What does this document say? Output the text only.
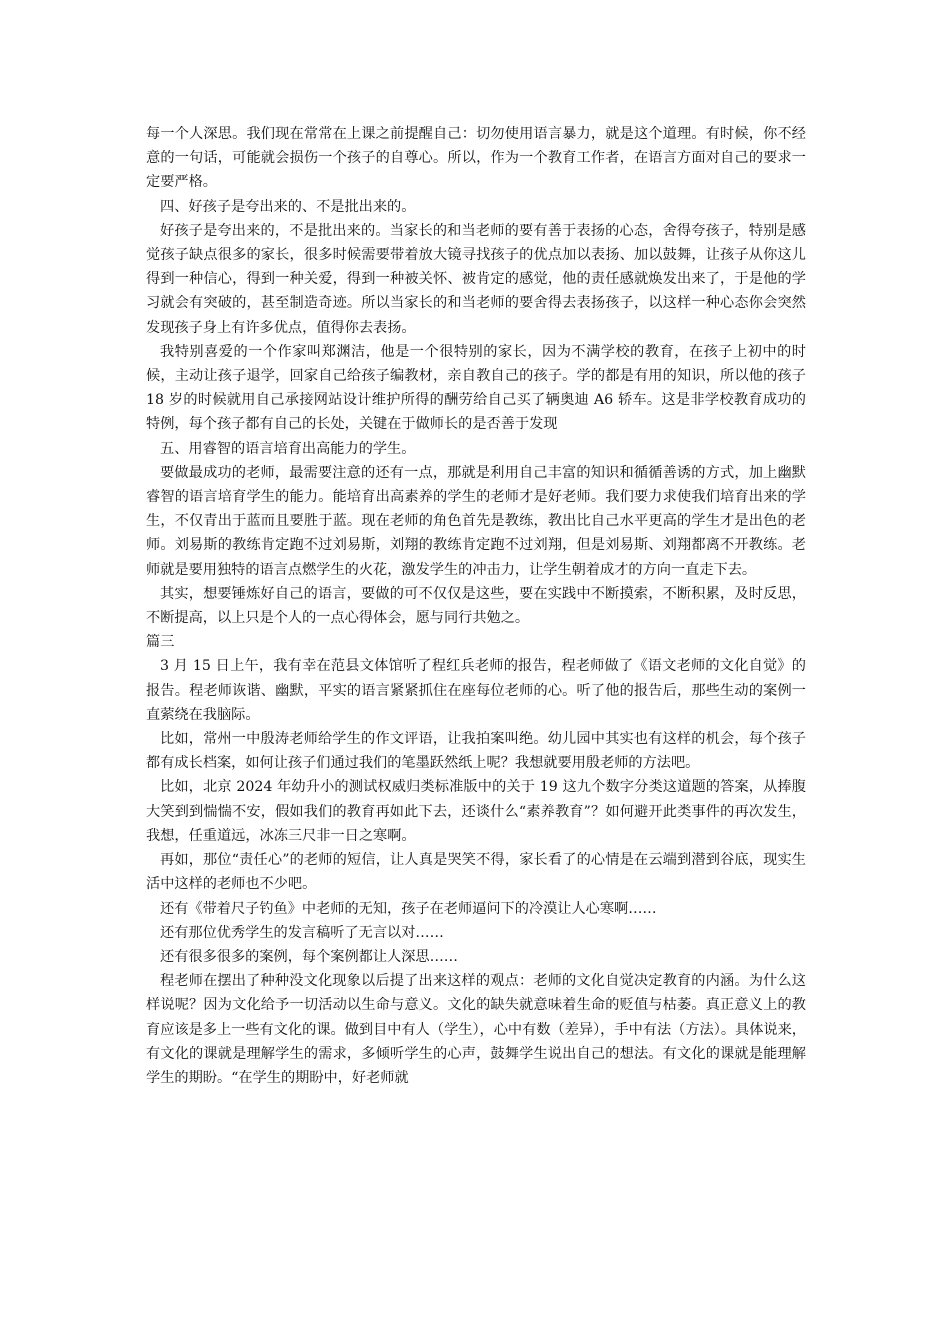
每一个人深思。我们现在常常在上课之前提醒自己：切勿使用语言暴力，就是这个道理。有时候，你不经意的一句话，可能就会损伤一个孩子的自尊心。所以，作为一个教育工作者，在语言方面对自己的要求一定要严格。

四、好孩子是夸出来的、不是批出来的。

好孩子是夸出来的，不是批出来的。当家长的和当老师的要有善于表扬的心态，舍得夸孩子，特别是感觉孩子缺点很多的家长，很多时候需要带着放大镜寻找孩子的优点加以表扬、加以鼓舞，让孩子从你这儿得到一种信心，得到一种关爱，得到一种被关怀、被肯定的感觉，他的责任感就焕发出来了，于是他的学习就会有突破的，甚至制造奇迹。所以当家长的和当老师的要舍得去表扬孩子，以这样一种心态你会突然发现孩子身上有许多优点，值得你去表扬。

我特别喜爱的一个作家叫郑渊洁，他是一个很特别的家长，因为不满学校的教育，在孩子上初中的时候，主动让孩子退学，回家自己给孩子编教材，亲自教自己的孩子。学的都是有用的知识，所以他的孩子 18 岁的时候就用自己承接网站设计维护所得的酬劳给自己买了辆奥迪 A6 轿车。这是非学校教育成功的特例，每个孩子都有自己的长处，关键在于做师长的是否善于发现

五、用睿智的语言培育出高能力的学生。

要做最成功的老师，最需要注意的还有一点，那就是利用自己丰富的知识和循循善诱的方式，加上幽默睿智的语言培育学生的能力。能培育出高素养的学生的老师才是好老师。我们要力求使我们培育出来的学生，不仅青出于蓝而且要胜于蓝。现在老师的角色首先是教练，教出比自己水平更高的学生才是出色的老师。刘易斯的教练肯定跑不过刘易斯，刘翔的教练肯定跑不过刘翔，但是刘易斯、刘翔都离不开教练。老师就是要用独特的语言点燃学生的火花，激发学生的冲击力，让学生朝着成才的方向一直走下去。

其实，想要锤炼好自己的语言，要做的可不仅仅是这些，要在实践中不断摸索，不断积累，及时反思，不断提高，以上只是个人的一点心得体会，愿与同行共勉之。

篇三

3 月 15 日上午，我有幸在范县文体馆听了程红兵老师的报告，程老师做了《语文老师的文化自觉》的报告。程老师诙谐、幽默，平实的语言紧紧抓住在座每位老师的心。听了他的报告后，那些生动的案例一直萦绕在我脑际。

比如，常州一中殷涛老师给学生的作文评语，让我拍案叫绝。幼儿园中其实也有这样的机会，每个孩子都有成长档案，如何让孩子们通过我们的笔墨跃然纸上呢？我想就要用殷老师的方法吧。

比如，北京 2024 年幼升小的测试权威归类标准版中的关于 19 这九个数字分类这道题的答案，从捧腹大笑到到惴惴不安，假如我们的教育再如此下去，还谈什么“素养教育”？如何避开此类事件的再次发生，我想，任重道远，冰冻三尺非一日之寒啊。

再如，那位“责任心”的老师的短信，让人真是哭笑不得，家长看了的心情是在云端到潜到谷底，现实生活中这样的老师也不少吧。

还有《带着尺子钓鱼》中老师的无知，孩子在老师逼问下的冷漠让人心寒啊……

还有那位优秀学生的发言稿听了无言以对……

还有很多很多的案例，每个案例都让人深思……

程老师在摆出了种种没文化现象以后提了出来这样的观点：老师的文化自觉决定教育的内涵。为什么这样说呢？因为文化给予一切活动以生命与意义。文化的缺失就意味着生命的贬值与枯萎。真正意义上的教育应该是多上一些有文化的课。做到目中有人（学生），心中有数（差异），手中有法（方法）。具体说来，有文化的课就是理解学生的需求，多倾听学生的心声，鼓舞学生说出自己的想法。有文化的课就是能理解学生的期盼。“在学生的期盼中，好老师就
